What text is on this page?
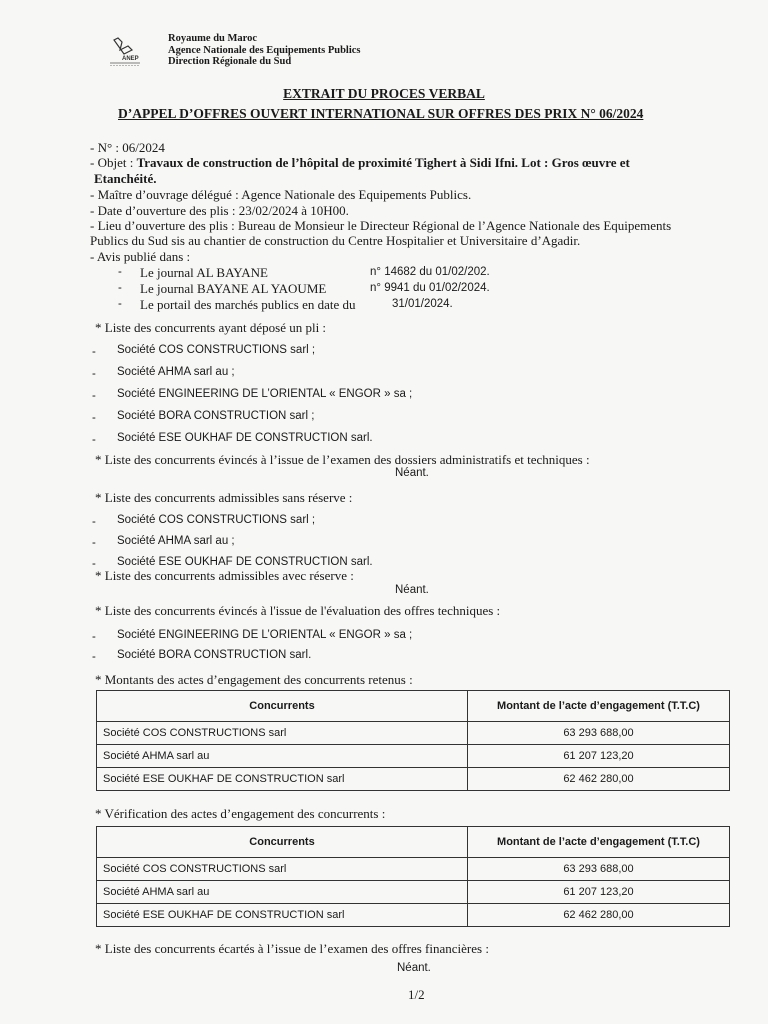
ANEP
Royaume du Maroc
Agence Nationale des Equipements Publics
Direction Régionale du Sud
EXTRAIT DU PROCES VERBAL
D’APPEL D’OFFRES OUVERT INTERNATIONAL SUR OFFRES DES PRIX N° 06/2024
- N° : 06/2024
- Objet : Travaux de construction de l’hôpital de proximité Tighert à Sidi Ifni. Lot : Gros œuvre et
Etanchéité.
- Maître d’ouvrage délégué : Agence Nationale des Equipements Publics.
- Date d’ouverture des plis : 23/02/2024 à 10H00.
- Lieu d’ouverture des plis : Bureau de Monsieur le Directeur Régional de l’Agence Nationale des Equipements
Publics du Sud sis au chantier de construction du Centre Hospitalier et Universitaire d’Agadir.
- Avis publié dans :
- Le journal AL BAYANE	n° 14682 du 01/02/202.
- Le journal BAYANE AL YAOUME	n° 9941 du 01/02/2024.
- Le portail des marchés publics en date du	31/01/2024.
* Liste des concurrents ayant déposé un pli :
- Société COS CONSTRUCTIONS sarl ;
- Société AHMA sarl au ;
- Société ENGINEERING DE L’ORIENTAL « ENGOR » sa ;
- Société BORA CONSTRUCTION sarl ;
- Société ESE OUKHAF DE CONSTRUCTION sarl.
* Liste des concurrents évincés à l’issue de l’examen des dossiers administratifs et techniques :
Néant.
* Liste des concurrents admissibles sans réserve :
- Société COS CONSTRUCTIONS sarl ;
- Société AHMA sarl au ;
- Société ESE OUKHAF DE CONSTRUCTION sarl.
* Liste des concurrents admissibles avec réserve :
Néant.
* Liste des concurrents évincés à l'issue de l'évaluation des offres techniques :
- Société ENGINEERING DE L’ORIENTAL « ENGOR » sa ;
- Société BORA CONSTRUCTION sarl.
* Montants des actes d’engagement des concurrents retenus :
Concurrents	Montant de l’acte d’engagement (T.T.C)
Société COS CONSTRUCTIONS sarl	63 293 688,00
Société AHMA sarl au	61 207 123,20
Société ESE OUKHAF DE CONSTRUCTION sarl	62 462 280,00
* Vérification des actes d’engagement des concurrents :
Concurrents	Montant de l’acte d’engagement (T.T.C)
Société COS CONSTRUCTIONS sarl	63 293 688,00
Société AHMA sarl au	61 207 123,20
Société ESE OUKHAF DE CONSTRUCTION sarl	62 462 280,00
* Liste des concurrents écartés à l’issue de l’examen des offres financières :
Néant.
1/2
